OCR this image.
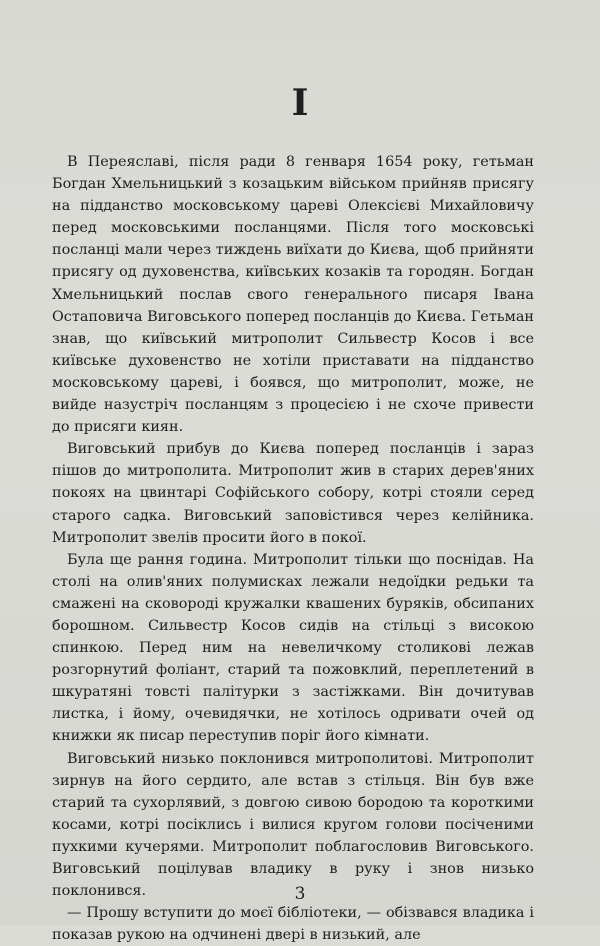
I

В Переяславі, після ради 8 генваря 1654 року, гетьман Богдан Хмельницький з козацьким військом прийняв присягу на підданство московському цареві Олексієві Михайловичу перед московськими посланцями. Після того московські посланці мали через тиждень виїхати до Києва, щоб прийняти присягу од духовенства, київських козаків та городян. Богдан Хмельницький послав свого генерального писаря Івана Остаповича Виговського поперед посланців до Києва. Гетьман знав, що київський митрополит Сильвестр Косов і все київське духовенство не хотіли приставати на підданство московському цареві, і боявся, що митрополит, може, не вийде назустріч посланцям з процесією і не схоче привести до присяги киян.

Виговський прибув до Києва поперед посланців і зараз пішов до митрополита. Митрополит жив в старих дерев'яних покоях на цвинтарі Софійського собору, котрі стояли серед старого садка. Виговський заповістився через келійника. Митрополит звелів просити його в покої.

Була ще рання година. Митрополит тільки що поснідав. На столі на олив'яних полумисках лежали недоїдки редьки та смажені на сковороді кружалки квашених буряків, обсипаних борошном. Сильвестр Косов сидів на стільці з високою спинкою. Перед ним на невеличкому столикові лежав розгорнутий фоліант, старий та пожовклий, переплетений в шкуратяні товсті палітурки з застіжками. Він дочитував листка, і йому, очевидячки, не хотілось одривати очей од книжки як писар переступив поріг його кімнати.

Виговський низько поклонився митрополитові. Митрополит зирнув на його сердито, але встав з стільця. Він був вже старий та сухорлявий, з довгою сивою бородою та короткими косами, котрі посіклись і вилися кругом голови посіченими пухкими кучерями. Митрополит поблагословив Виговського. Виговський поцілував владику в руку і знов низько поклонився.

— Прошу вступити до моєї бібліотеки, — обізвався владика і показав рукою на одчинені двері в низький, але

3
